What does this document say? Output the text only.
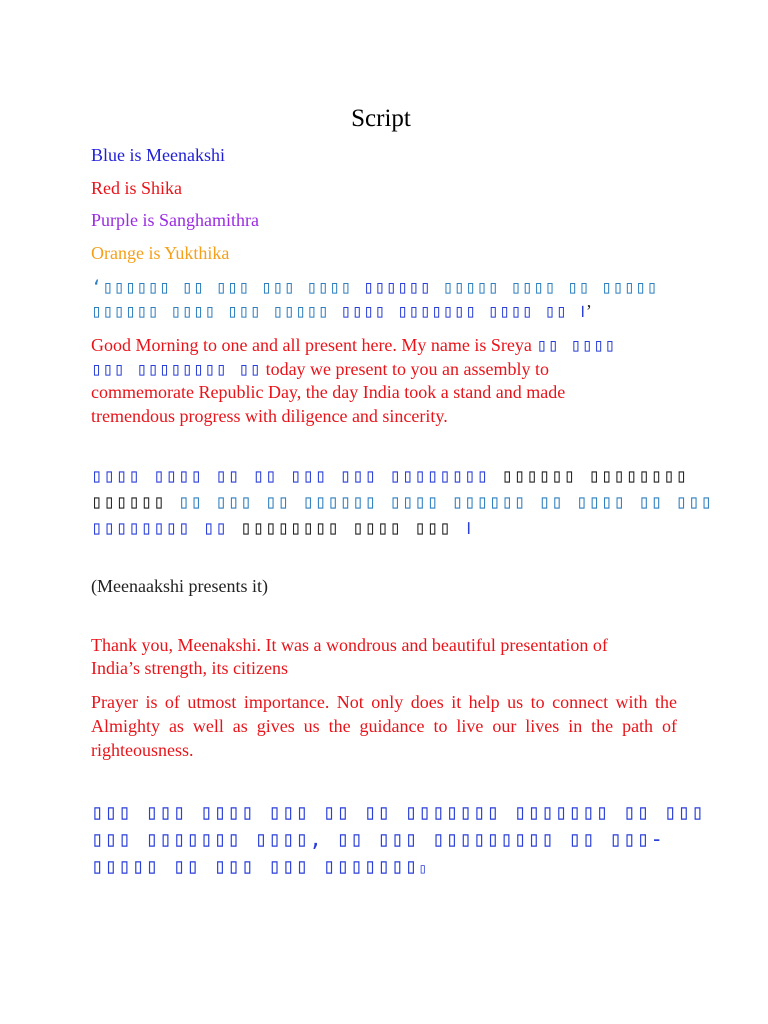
Script
Blue is Meenakshi
Red is Shika
Purple is Sanghamithra
Orange is Yukthika
‘▯▯▯▯▯▯ ▯▯ ▯▯▯ ▯▯▯ ▯▯▯▯ ▯▯▯▯▯▯ ▯▯▯▯▯ ▯▯▯▯ ▯▯ ▯▯▯▯▯
▯▯▯▯▯▯ ▯▯▯▯ ▯▯▯ ▯▯▯▯▯ ▯▯▯▯ ▯▯▯▯▯▯▯ ▯▯▯▯ ▯▯ ।’
Good Morning to one and all present here. My name is Sreya ▯▯ ▯▯▯▯
▯▯▯ ▯▯▯▯▯▯▯▯ ▯▯ today we present to you an assembly to
commemorate Republic Day, the day India took a stand and made
tremendous progress with diligence and sincerity.
▯▯▯▯ ▯▯▯▯ ▯▯ ▯▯ ▯▯▯ ▯▯▯ ▯▯▯▯▯▯▯▯ ▯▯▯▯▯▯ ▯▯▯▯▯▯▯▯
▯▯▯▯▯▯ ▯▯ ▯▯▯ ▯▯ ▯▯▯▯▯▯ ▯▯▯▯ ▯▯▯▯▯▯ ▯▯ ▯▯▯▯ ▯▯ ▯▯▯
▯▯▯▯▯▯▯▯ ▯▯ ▯▯▯▯▯▯▯▯ ▯▯▯▯ ▯▯▯ ।
(Meenaakshi presents it)
Thank you, Meenakshi. It was a wondrous and beautiful presentation of
India’s strength, its citizens
Prayer is of utmost importance. Not only does it help us to connect with the Almighty as well as gives us the guidance to live our lives in the path of righteousness.
▯▯▯ ▯▯▯ ▯▯▯▯ ▯▯▯ ▯▯ ▯▯ ▯▯▯▯▯▯▯ ▯▯▯▯▯▯▯ ▯▯ ▯▯▯
▯▯▯ ▯▯▯▯▯▯▯ ▯▯▯▯, ▯▯ ▯▯▯ ▯▯▯▯▯▯▯▯▯ ▯▯ ▯▯▯-
▯▯▯▯▯ ▯▯ ▯▯▯ ▯▯▯ ▯▯▯▯▯▯▯▯
